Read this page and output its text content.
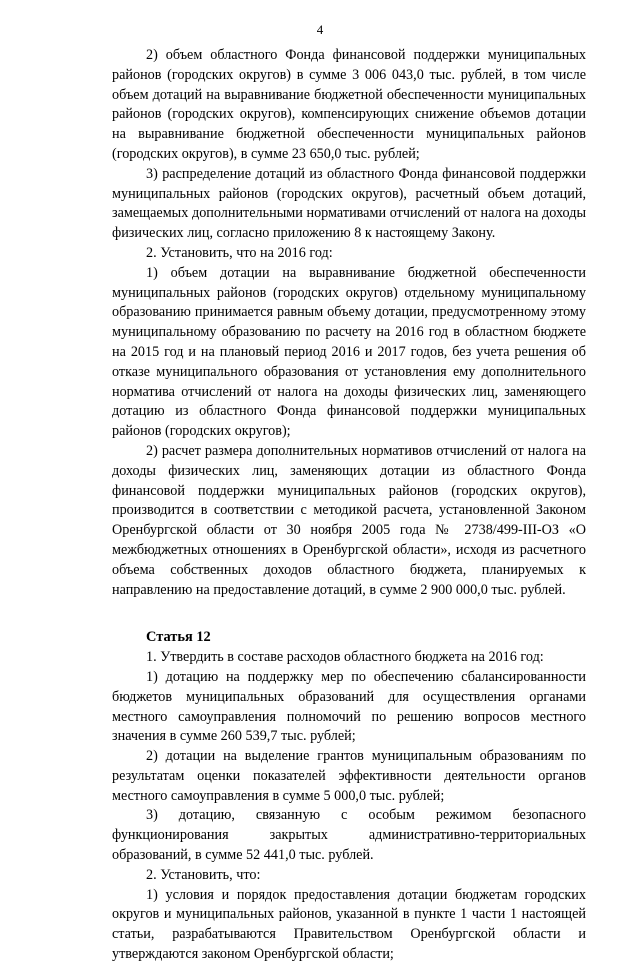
4

2) объем областного Фонда финансовой поддержки муниципальных районов (городских округов) в сумме 3 006 043,0 тыс. рублей, в том числе объем дотаций на выравнивание бюджетной обеспеченности муниципальных районов (городских округов), компенсирующих снижение объемов дотации на выравнивание бюджетной обеспеченности муниципальных районов (городских округов), в сумме 23 650,0 тыс. рублей;

3) распределение дотаций из областного Фонда финансовой поддержки муниципальных районов (городских округов), расчетный объем дотаций, замещаемых дополнительными нормативами отчислений от налога на доходы физических лиц, согласно приложению 8 к настоящему Закону.

2. Установить, что на 2016 год:

1) объем дотации на выравнивание бюджетной обеспеченности муниципальных районов (городских округов) отдельному муниципальному образованию принимается равным объему дотации, предусмотренному этому муниципальному образованию по расчету на 2016 год в областном бюджете на 2015 год и на плановый период 2016 и 2017 годов, без учета решения об отказе муниципального образования от установления ему дополнительного норматива отчислений от налога на доходы физических лиц, заменяющего дотацию из областного Фонда финансовой поддержки муниципальных районов (городских округов);

2) расчет размера дополнительных нормативов отчислений от налога на доходы физических лиц, заменяющих дотации из областного Фонда финансовой поддержки муниципальных районов (городских округов), производится в соответствии с методикой расчета, установленной Законом Оренбургской области от 30 ноября 2005 года № 2738/499-III-ОЗ «О межбюджетных отношениях в Оренбургской области», исходя из расчетного объема собственных доходов областного бюджета, планируемых к направлению на предоставление дотаций, в сумме 2 900 000,0 тыс. рублей.

Статья 12

1. Утвердить в составе расходов областного бюджета на 2016 год:

1) дотацию на поддержку мер по обеспечению сбалансированности бюджетов муниципальных образований для осуществления органами местного самоуправления полномочий по решению вопросов местного значения в сумме 260 539,7 тыс. рублей;

2) дотации на выделение грантов муниципальным образованиям по результатам оценки показателей эффективности деятельности органов местного самоуправления в сумме 5 000,0 тыс. рублей;

3) дотацию, связанную с особым режимом безопасного функционирования закрытых административно-территориальных образований, в сумме 52 441,0 тыс. рублей.

2. Установить, что:

1) условия и порядок предоставления дотации бюджетам городских округов и муниципальных районов, указанной в пункте 1 части 1 настоящей статьи, разрабатываются Правительством Оренбургской области и утверждаются законом Оренбургской области;
